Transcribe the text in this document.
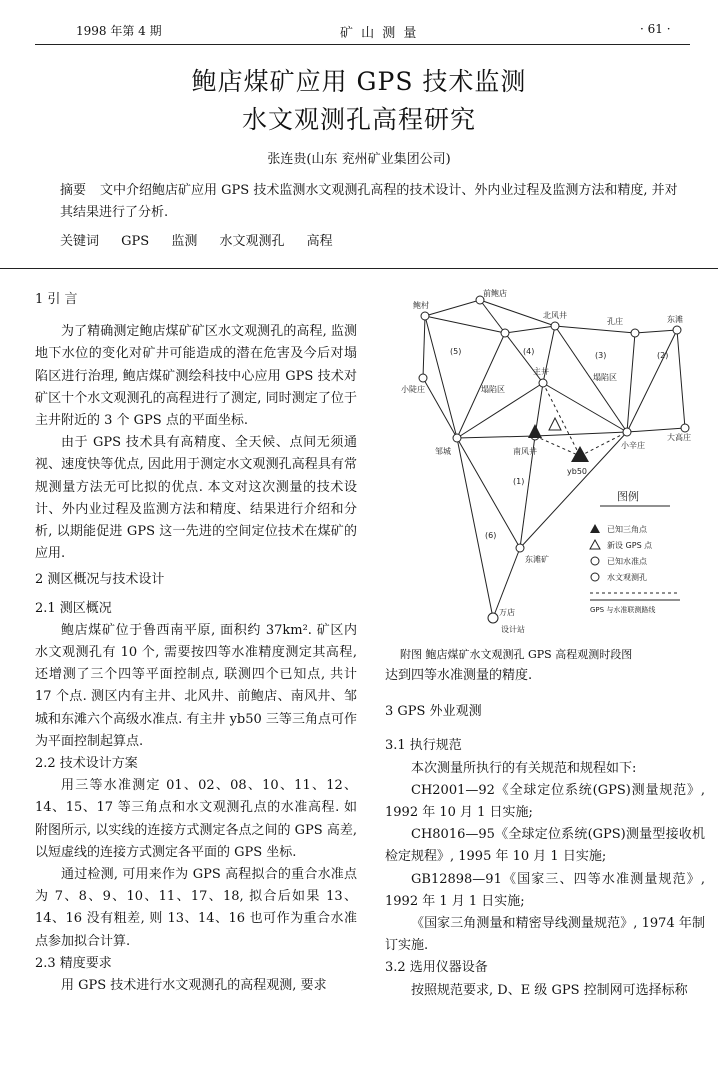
1998 年第 4 期	矿 山 测 量	· 61 ·
鲍店煤矿应用 GPS 技术监测
水文观测孔高程研究
张连贵(山东 兖州矿业集团公司)
摘要 文中介绍鲍店矿应用 GPS 技术监测水文观测孔高程的技术设计、外内业过程及监测方法和精度, 并对其结果进行了分析.
关键词 GPS 监测 水文观测孔 高程
1 引 言

为了精确测定鲍店煤矿矿区水文观测孔的高程, 监测地下水位的变化对矿井可能造成的潜在危害及今后对塌陷区进行治理, 鲍店煤矿测绘科技中心应用 GPS 技术对矿区十个水文观测孔的高程进行了测定, 同时测定了位于主井附近的 3 个 GPS 点的平面坐标.

由于 GPS 技术具有高精度、全天候、点间无须通视、速度快等优点, 因此用于测定水文观测孔高程具有常规测量方法无可比拟的优点. 本文对这次测量的技术设计、外内业过程及监测方法和精度、结果进行介绍和分析, 以期能促进 GPS 这一先进的空间定位技术在煤矿的应用.

2 测区概况与技术设计
2.1 测区概况

鲍店煤矿位于鲁西南平原, 面积约 37km². 矿区内水文观测孔有 10 个, 需要按四等水准精度测定其高程, 还增测了三个四等平面控制点, 联测四个已知点, 共计 17 个点. 测区内有主井、北风井、前鲍店、南风井、邹城和东滩六个高级水准点. 有主井 yb50 三等三角点可作为平面控制起算点.

2.2 技术设计方案

用三等水准测定 01、02、08、10、11、12、14、15、17 等三角点和水文观测孔点的水准高程. 如附图所示, 以实线的连接方式测定各点之间的 GPS 高差, 以短虚线的连接方式测定各平面的 GPS 坐标.

通过检测, 可用来作为 GPS 高程拟合的重合水准点为 7、8、9、10、11、17、18, 拟合后如果 13、14、16 没有粗差, 则 13、14、16 也可作为重合水准点参加拟合计算.

2.3 精度要求

用 GPS 技术进行水文观测孔的高程观测, 要求

鲍村
前鲍店
北风井
孔庄	东滩
小陡庄
邹城
主井
大高庄
小辛庄
南风井
yb50
东滩矿
设计站
万店
(5)	(4)	(3)	(2)
(1)
(6)
塌陷区
塌陷区
图例
已知三角点
新设 GPS 点
已知水准点
水文观测孔
GPS 与水准联测路线
附图 鲍店煤矿水文观测孔 GPS 高程观测时段图

达到四等水准测量的精度.

3 GPS 外业观测
3.1 执行规范

本次测量所执行的有关规范和规程如下:

CH2001—92《全球定位系统(GPS)测量规范》, 1992 年 10 月 1 日实施;

CH8016—95《全球定位系统(GPS)测量型接收机检定规程》, 1995 年 10 月 1 日实施;

GB12898—91《国家三、四等水准测量规范》, 1992 年 1 月 1 日实施;

《国家三角测量和精密导线测量规范》, 1974 年制订实施.

3.2 选用仪器设备

按照规范要求, D、E 级 GPS 控制网可选择标称
